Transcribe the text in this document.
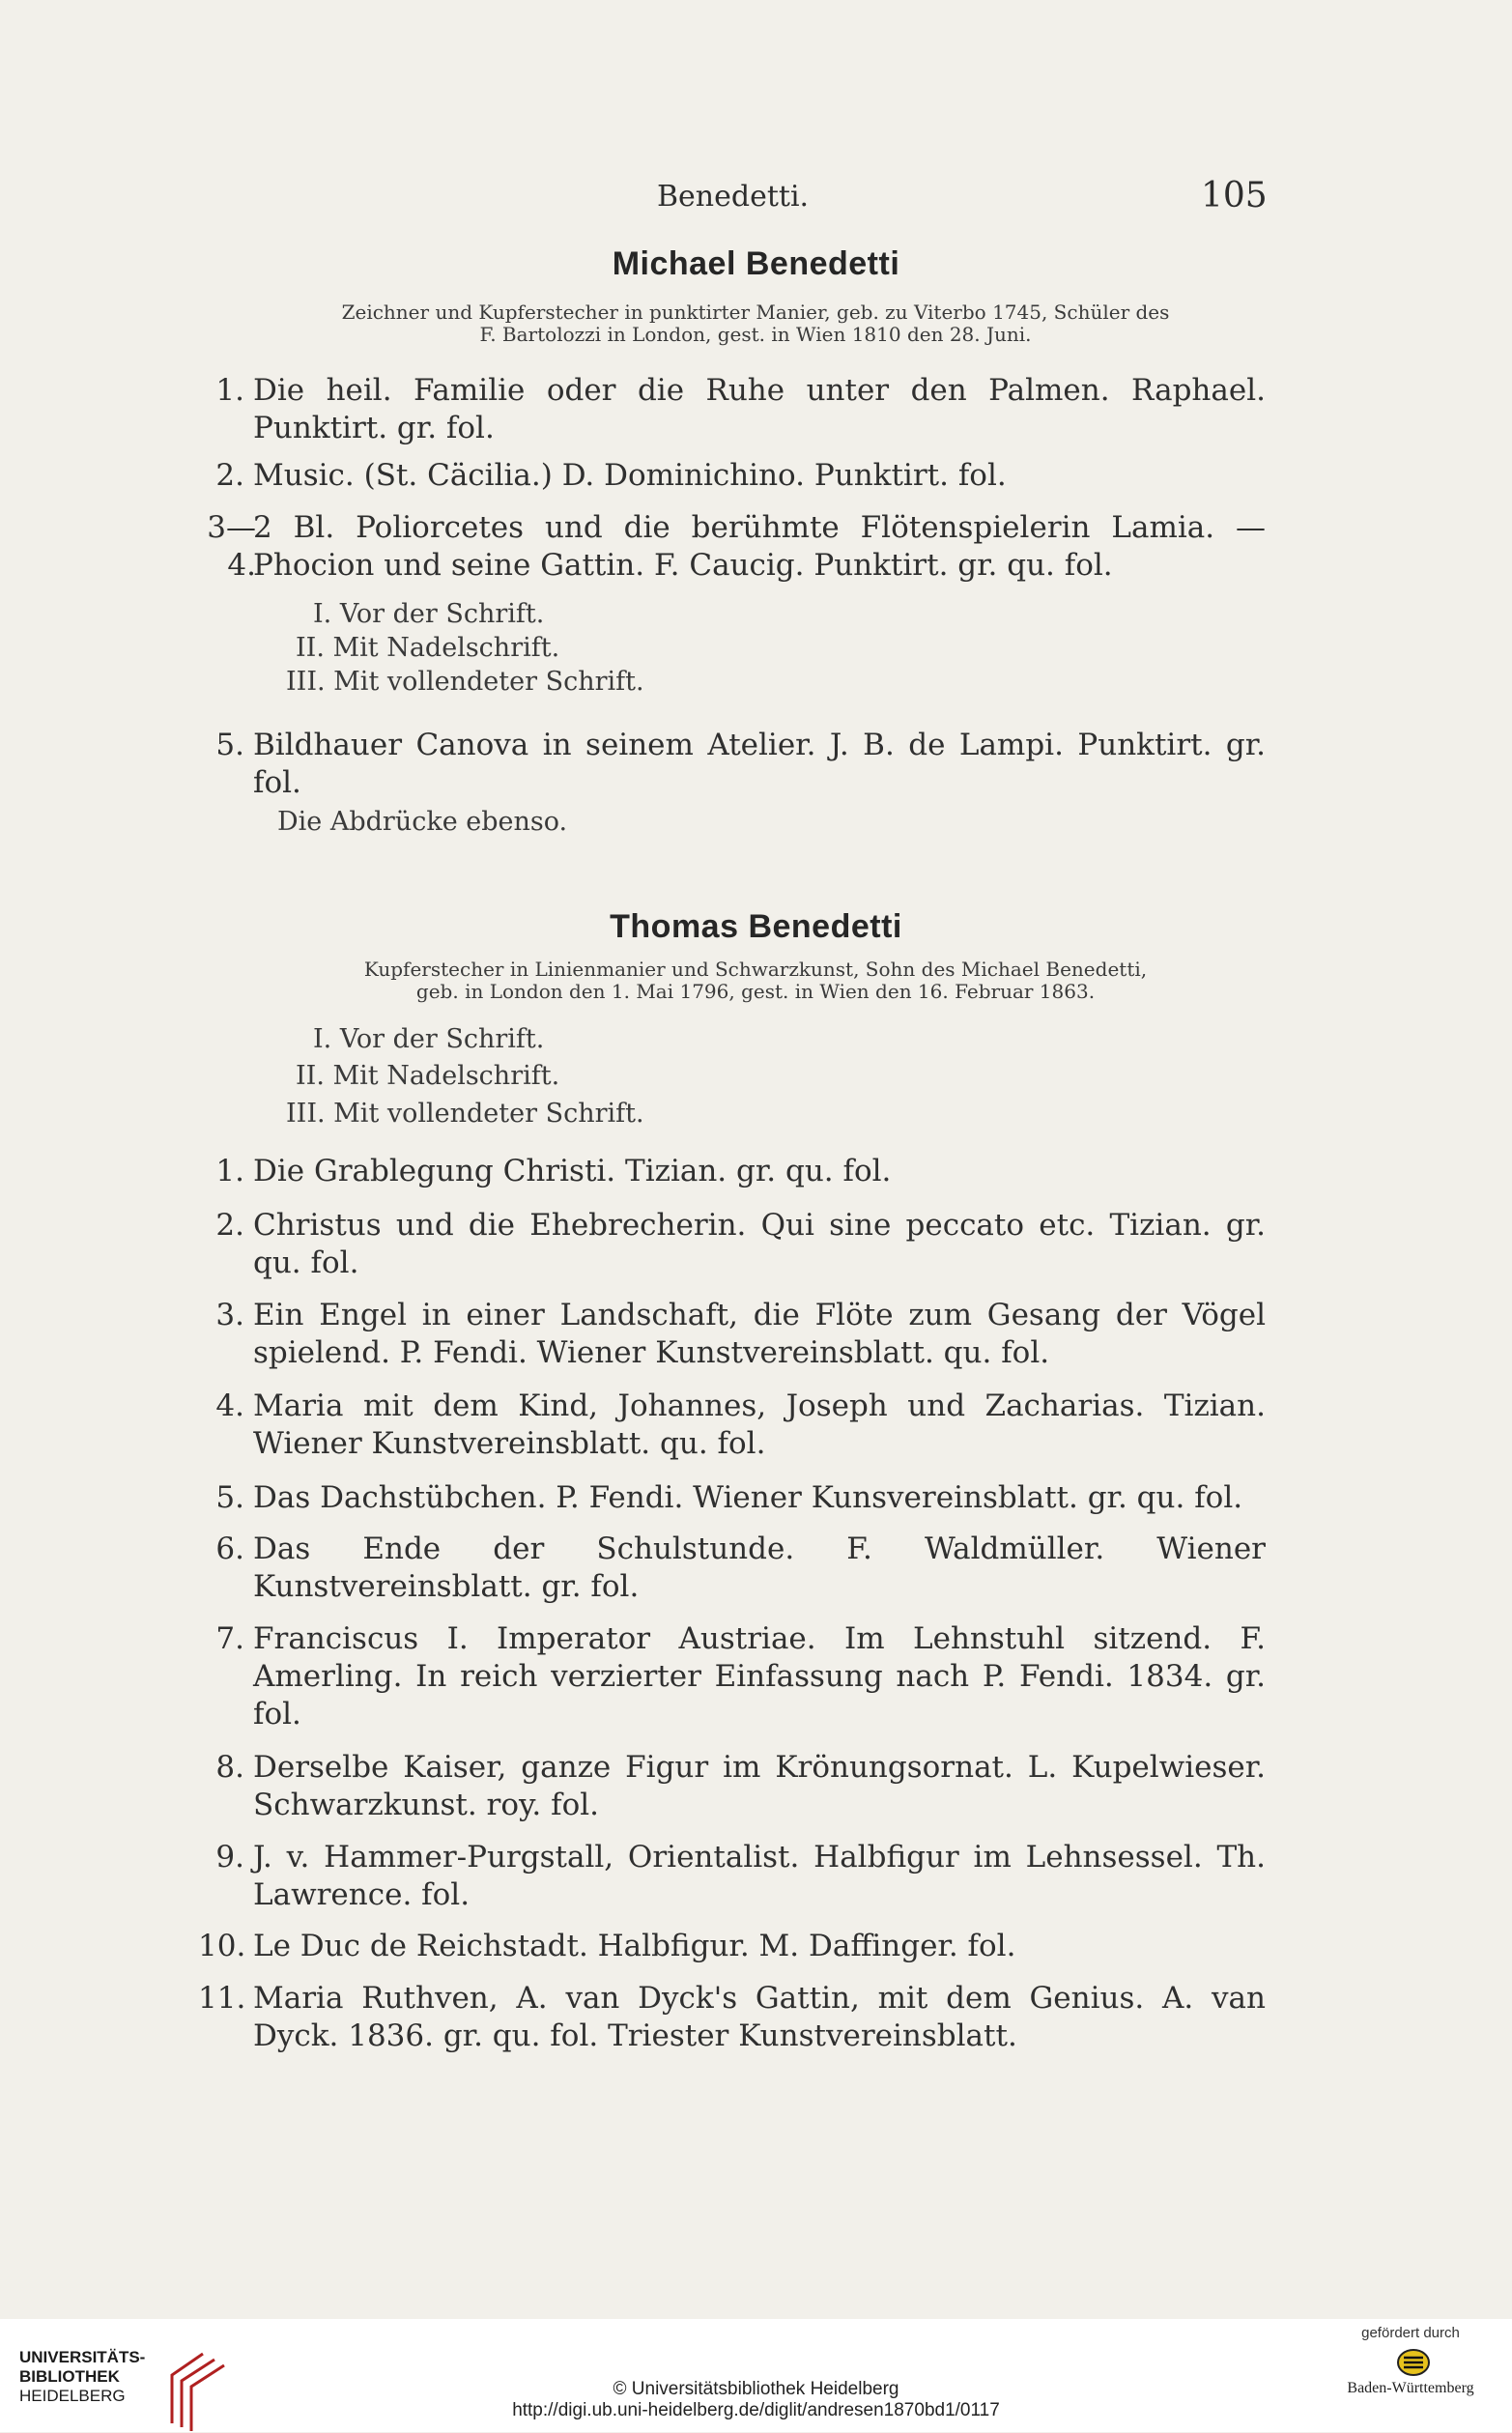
Benedetti.	105
Michael Benedetti
Zeichner und Kupferstecher in punktirter Manier, geb. zu Viterbo 1745, Schüler des
F. Bartolozzi in London, gest. in Wien 1810 den 28. Juni.
1. Die heil. Familie oder die Ruhe unter den Palmen. Raphael. Punktirt. gr. fol.
2. Music. (St. Cäcilia.) D. Dominichino. Punktirt. fol.
3—4.
2 Bl. Poliorcetes und die berühmte Flötenspielerin Lamia. — Phocion und seine Gattin. F. Caucig. Punktirt. gr. qu. fol.
I. Vor der Schrift.
II. Mit Nadelschrift.
III. Mit vollendeter Schrift.
5. Bildhauer Canova in seinem Atelier. J. B. de Lampi. Punktirt. gr. fol.
Die Abdrücke ebenso.
Thomas Benedetti
Kupferstecher in Linienmanier und Schwarzkunst, Sohn des Michael Benedetti,
geb. in London den 1. Mai 1796, gest. in Wien den 16. Februar 1863.
I. Vor der Schrift.
II. Mit Nadelschrift.
III. Mit vollendeter Schrift.
1. Die Grablegung Christi. Tizian. gr. qu. fol.
2. Christus und die Ehebrecherin. Qui sine peccato etc. Tizian. gr. qu. fol.
3. Ein Engel in einer Landschaft, die Flöte zum Gesang der Vögel spielend. P. Fendi. Wiener Kunstvereinsblatt. qu. fol.
4. Maria mit dem Kind, Johannes, Joseph und Zacharias. Tizian. Wiener Kunstvereinsblatt. qu. fol.
5. Das Dachstübchen. P. Fendi. Wiener Kunsvereinsblatt. gr. qu. fol.
6. Das Ende der Schulstunde. F. Waldmüller. Wiener Kunstvereinsblatt. gr. fol.
7. Franciscus I. Imperator Austriae. Im Lehnstuhl sitzend. F. Amerling. In reich verzierter Einfassung nach P. Fendi. 1834. gr. fol.
8. Derselbe Kaiser, ganze Figur im Krönungsornat. L. Kupelwieser. Schwarzkunst. roy. fol.
9. J. v. Hammer-Purgstall, Orientalist. Halbfigur im Lehnsessel. Th. Lawrence. fol.
10. Le Duc de Reichstadt. Halbfigur. M. Daffinger. fol.
11. Maria Ruthven, A. van Dyck's Gattin, mit dem Genius. A. van Dyck. 1836. gr. qu. fol. Triester Kunstvereinsblatt.
UNIVERSITÄTS-
BIBLIOTHEK
HEIDELBERG	© Universitätsbibliothek Heidelberg
http://digi.ub.uni-heidelberg.de/diglit/andresen1870bd1/0117
gefördert durch
Baden-Württemberg
